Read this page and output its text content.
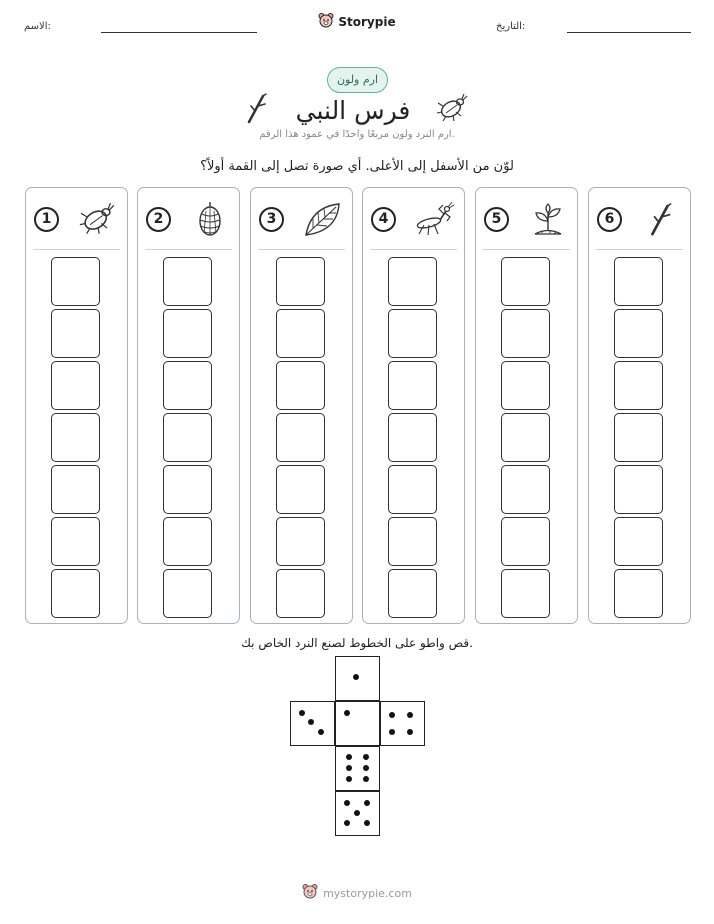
الاسم:	التاريخ:
Storypie
ارم ولون
فرس النبي
ارم النرد ولون مربعًا واحدًا في عمود هذا الرقم.
لوّن من الأسفل إلى الأعلى. أي صورة تصل إلى القمة أولاً؟
1	2	3	4	5	6
قص واطو على الخطوط لصنع النرد الخاص بك.
mystorypie.com
